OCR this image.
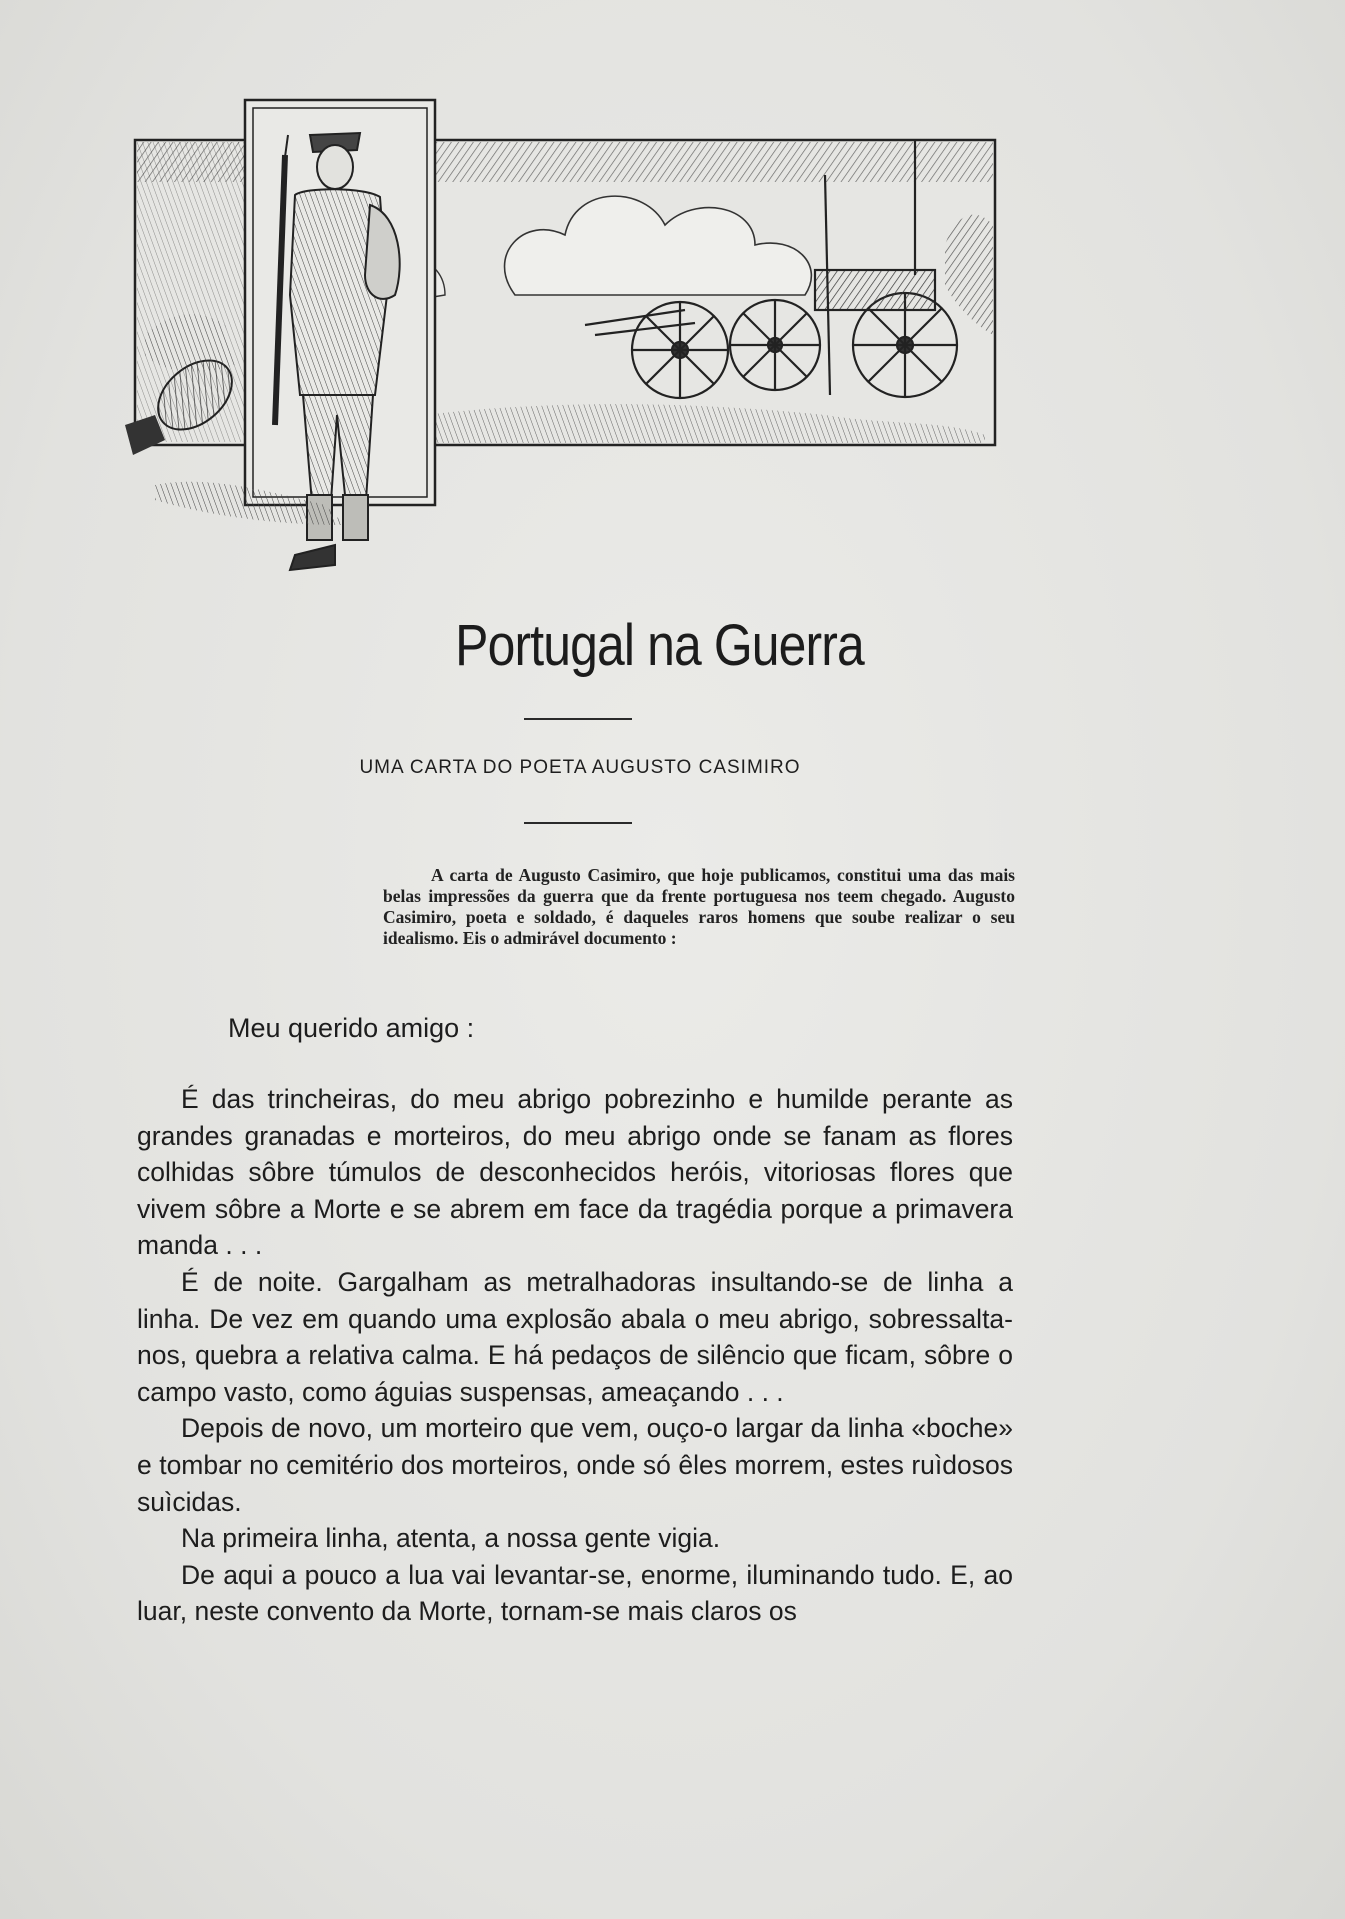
Portugal na Guerra
UMA CARTA DO POETA AUGUSTO CASIMIRO
A carta de Augusto Casimiro, que hoje publicamos, constitui uma das mais belas impressões da guerra que da frente portuguesa nos teem chegado. Augusto Casimiro, poeta e soldado, é daqueles raros homens que soube realizar o seu idealismo. Eis o admirável documento :
Meu querido amigo :

É das trincheiras, do meu abrigo pobrezinho e humilde perante as grandes granadas e morteiros, do meu abrigo onde se fanam as flores colhidas sôbre túmulos de desconhecidos heróis, vitoriosas flores que vivem sôbre a Morte e se abrem em face da tragédia porque a primavera manda . . .

É de noite. Gargalham as metralhadoras insultando-se de linha a linha. De vez em quando uma explosão abala o meu abrigo, sobressalta-nos, quebra a relativa calma. E há pedaços de silêncio que ficam, sôbre o campo vasto, como águias suspensas, ameaçando . . .

Depois de novo, um morteiro que vem, ouço-o largar da linha «boche» e tombar no cemitério dos morteiros, onde só êles morrem, estes ruìdosos suìcidas.

Na primeira linha, atenta, a nossa gente vigia.

De aqui a pouco a lua vai levantar-se, enorme, iluminando tudo. E, ao luar, neste convento da Morte, tornam-se mais claros os
